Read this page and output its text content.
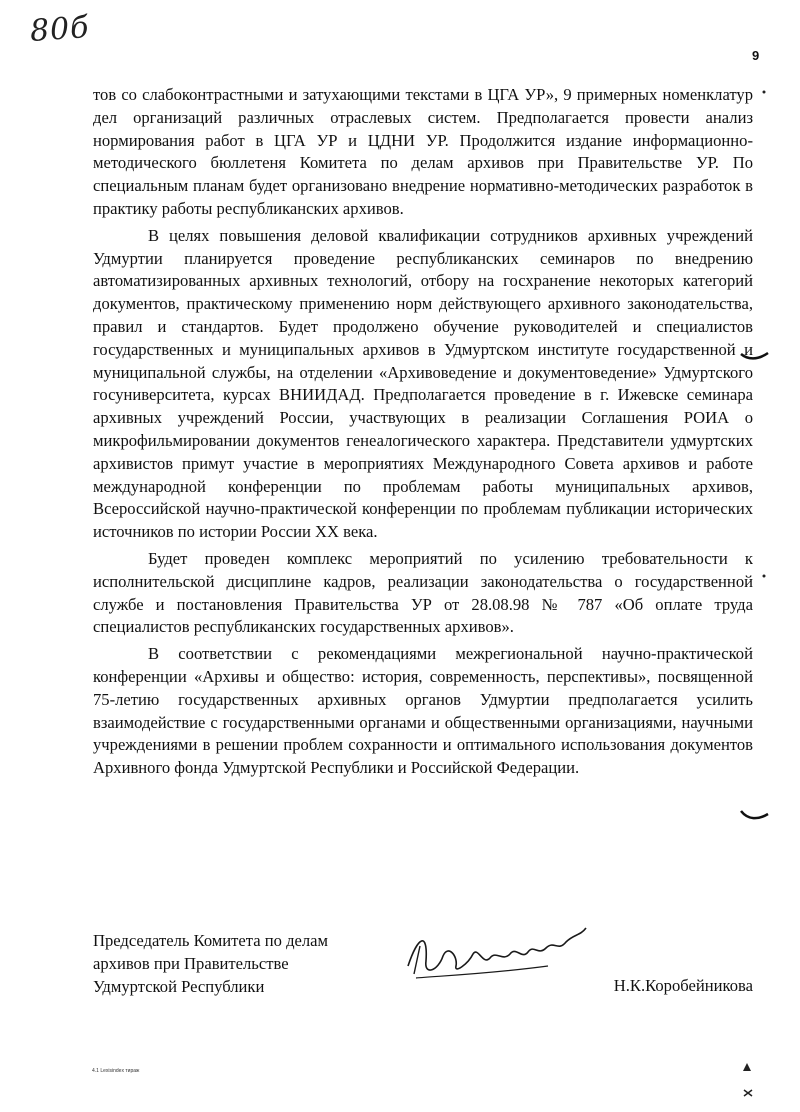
80б
9

тов со слабоконтрастными и затухающими текстами в ЦГА УР», 9 примерных номенклатур дел организаций различных отраслевых систем. Предполагается провести анализ нормирования работ в ЦГА УР и ЦДНИ УР. Продолжится издание информационно-методического бюллетеня Комитета по делам архивов при Правительстве УР. По специальным планам будет организовано внедрение нормативно-методических разработок в практику работы республиканских архивов.

В целях повышения деловой квалификации сотрудников архивных учреждений Удмуртии планируется проведение республиканских семинаров по внедрению автоматизированных архивных технологий, отбору на госхранение некоторых категорий документов, практическому применению норм действующего архивного законодательства, правил и стандартов. Будет продолжено обучение руководителей и специалистов государственных и муниципальных архивов в Удмуртском институте государственной и муниципальной службы, на отделении «Архивоведение и документоведение» Удмуртского госуниверситета, курсах ВНИИДАД. Предполагается проведение в г. Ижевске семинара архивных учреждений России, участвующих в реализации Соглашения РОИА о микрофильмировании документов генеалогического характера. Представители удмуртских архивистов примут участие в мероприятиях Международного Совета архивов и работе международной конференции по проблемам работы муниципальных архивов, Всероссийской научно-практической конференции по проблемам публикации исторических источников по истории России XX века.

Будет проведен комплекс мероприятий по усилению требовательности к исполнительской дисциплине кадров, реализации законодательства о государственной службе и постановления Правительства УР от 28.08.98 № 787 «Об оплате труда специалистов республиканских государственных архивов».

В соответствии с рекомендациями межрегиональной научно-практической конференции «Архивы и общество: история, современность, перспективы», посвященной 75-летию государственных архивных органов Удмуртии предполагается усилить взаимодействие с государственными органами и общественными организациями, научными учреждениями в решении проблем сохранности и оптимального использования документов Архивного фонда Удмуртской Республики и Российской Федерации.

Председатель Комитета по делам
архивов при Правительстве
Удмуртской Республики	Н.К.Коробейникова
4.1 Lexisindex тираж
